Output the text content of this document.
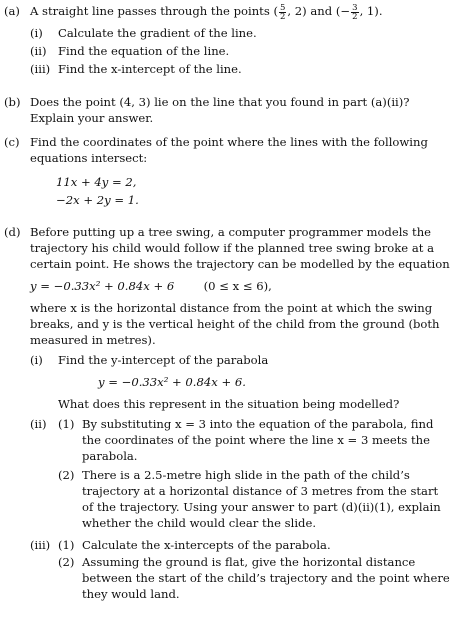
(a) A straight line passes through the points ( $\frac{5}{2}$ , 2) and (− $\frac{3}{2}$ , 1).

(i) Calculate the gradient of the line.
(ii) Find the equation of the line.
(iii) Find the x-intercept of the line.
(b) Does the point (4, 3) lie on the line that you found in part (a)(ii)?

Explain your answer.

(c) Find the coordinates of the point where the lines with the following

equations intersect:

11x + 4y = 2,
−2x + 2y = 1.
(d) Before putting up a tree swing, a computer programmer models the

trajectory his child would follow if the planned tree swing broke at a

certain point. He shows the trajectory can be modelled by the equation

y = −0.33x² + 0.84x + 6	(0 ≤ x ≤ 6),

where x is the horizontal distance from the point at which the swing

breaks, and y is the vertical height of the child from the ground (both

measured in metres).

(i) Find the y-intercept of the parabola

y = −0.33x² + 0.84x + 6.

What does this represent in the situation being modelled?

(ii) (1) By substituting x = 3 into the equation of the parabola, find

the coordinates of the point where the line x = 3 meets the

parabola.

(2) There is a 2.5-metre high slide in the path of the child’s

trajectory at a horizontal distance of 3 metres from the start

of the trajectory. Using your answer to part (d)(ii)(1), explain

whether the child would clear the slide.

(iii) (1) Calculate the x-intercepts of the parabola.

(2) Assuming the ground is flat, give the horizontal distance

between the start of the child’s trajectory and the point where

they would land.
